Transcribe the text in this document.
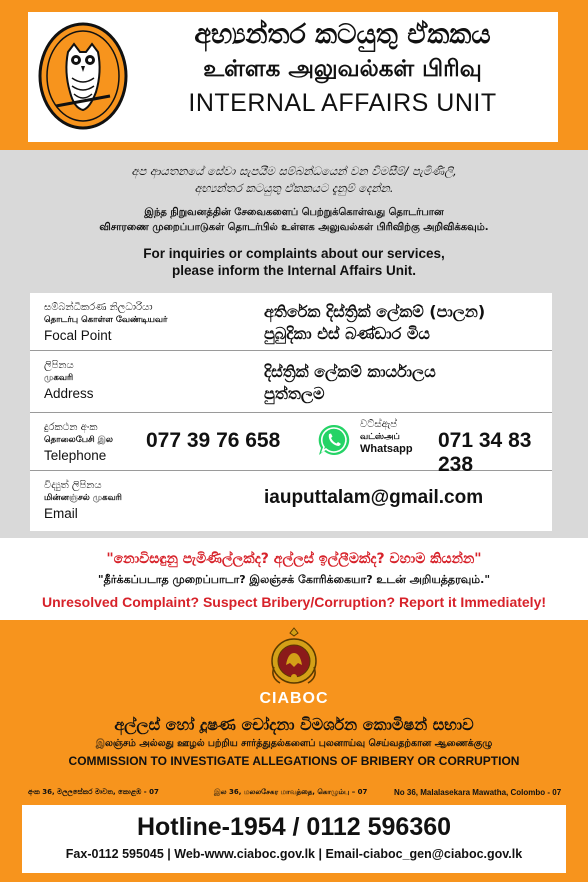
අභ්‍යන්තර කටයුතු ඒකකය
உள்ளக அலுவல்கள் பிரிவு
INTERNAL AFFAIRS UNIT
අප ආයතනයේ සේවා සැපයීම සම්බන්ධයෙන් වන විමසීම්/ පැමිණිලි,
අභ්‍යන්තර කටයුතු ඒකකයට දැනුම් දෙන්න.
இந்த நிறுவனத்தின் சேவைகளைப் பெற்றுக்கொள்வது தொடர்பான
விசாரணை முறைப்பாடுகள் தொடர்பில் உள்ளக அலுவல்கள் பிரிவிற்கு அறிவிக்கவும்.
For inquiries or complaints about our services,
please inform the Internal Affairs Unit.
සම්බන්ධීකරණ නිලධාරියා
தொடர்பு கொள்ள வேண்டியவர்
Focal Point
අතිරේක දිස්ත්‍රික් ලේකම් (පාලන)
පුබුදිකා එස් බණ්ඩාර මිය
ලිපිනය
முகவரி
Address
දිස්ත්‍රික් ලේකම් කාර්යාලය
පුත්තලම
දුරකථන අංක
தொலைபேசி இல
Telephone
077 39 76 658
වට්ස්ඇප්
வட்ஸ்அப்
Whatsapp 071 34 83 238
විද්‍යුත් ලිපිනය
மின்னஞ்சல் முகவரி
Email
iauputtalam@gmail.com
"නොවිසඳුනු පැමිණිල්ලක්ද? අල්ලස් ඉල්ලීමක්ද? වහාම කියන්න"
"தீர்க்கப்படாத முறைப்பாடா? இலஞ்சக் கோரிக்கையா? உடன் அறியத்தரவும்."
Unresolved Complaint? Suspect Bribery/Corruption? Report it Immediately!
CIABOC
අල්ලස් හෝ දූෂණ චෝදනා විමර්ශන කොමිෂන් සභාව
இலஞ்சம் அல்லது ஊழல் பற்றிய சார்த்துதல்களைப் புலனாய்வு செய்வதற்கான ஆணைக்குழு
COMMISSION TO INVESTIGATE ALLEGATIONS OF BRIBERY OR CORRUPTION
අංක 36, මලලසේකර මාවත, කොළඹ - 07	இல 36, மலலசேகர மாவத்தை, கொழும்பு – 07	No 36, Malalasekara Mawatha, Colombo - 07
Hotline-1954 / 0112 596360
Fax-0112 595045 | Web-www.ciaboc.gov.lk | Email-ciaboc_gen@ciaboc.gov.lk
